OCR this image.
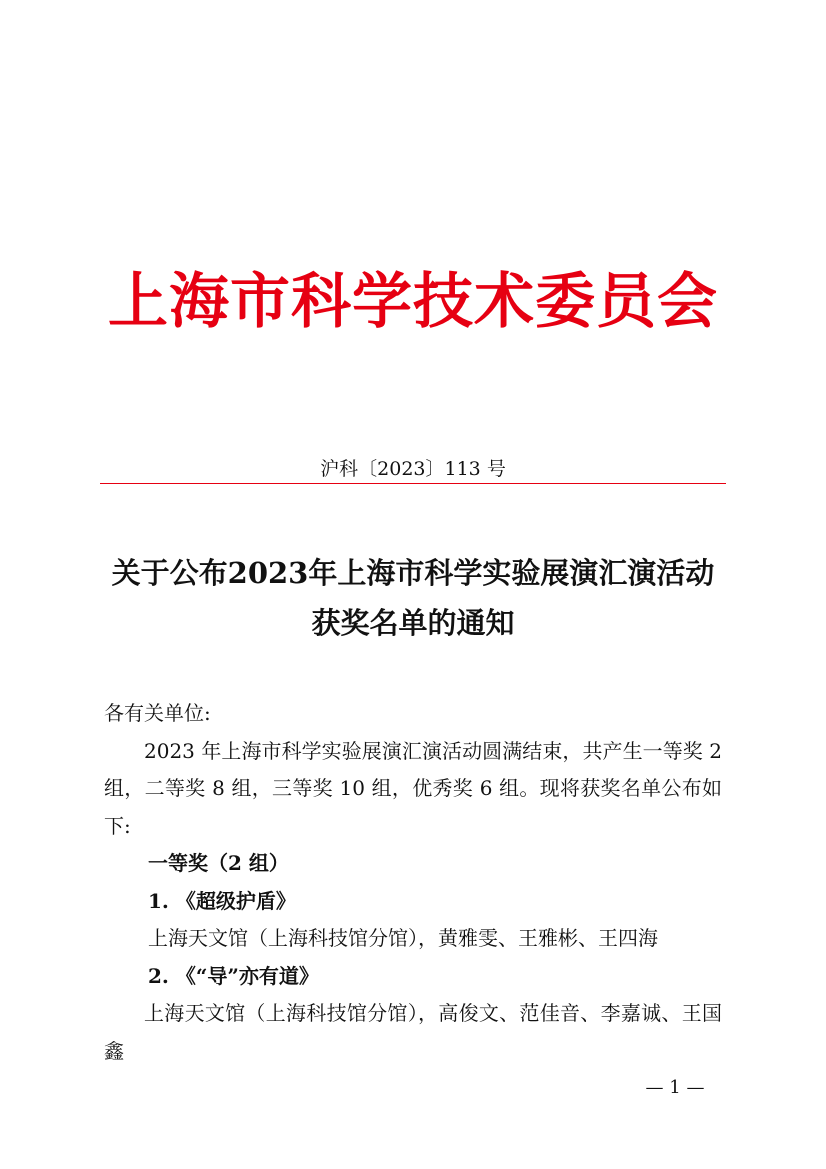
上海市科学技术委员会
沪科〔2023〕113 号
关于公布2023年上海市科学实验展演汇演活动
获奖名单的通知

各有关单位:

2023 年上海市科学实验展演汇演活动圆满结束，共产生一等奖 2 组，二等奖 8 组，三等奖 10 组，优秀奖 6 组。现将获奖名单公布如下:

一等奖（2 组）

1. 《超级护盾》

上海天文馆（上海科技馆分馆），黄雅雯、王雅彬、王四海

2. 《“导”亦有道》

上海天文馆（上海科技馆分馆），高俊文、范佳音、李嘉诚、王国鑫

— 1 —
